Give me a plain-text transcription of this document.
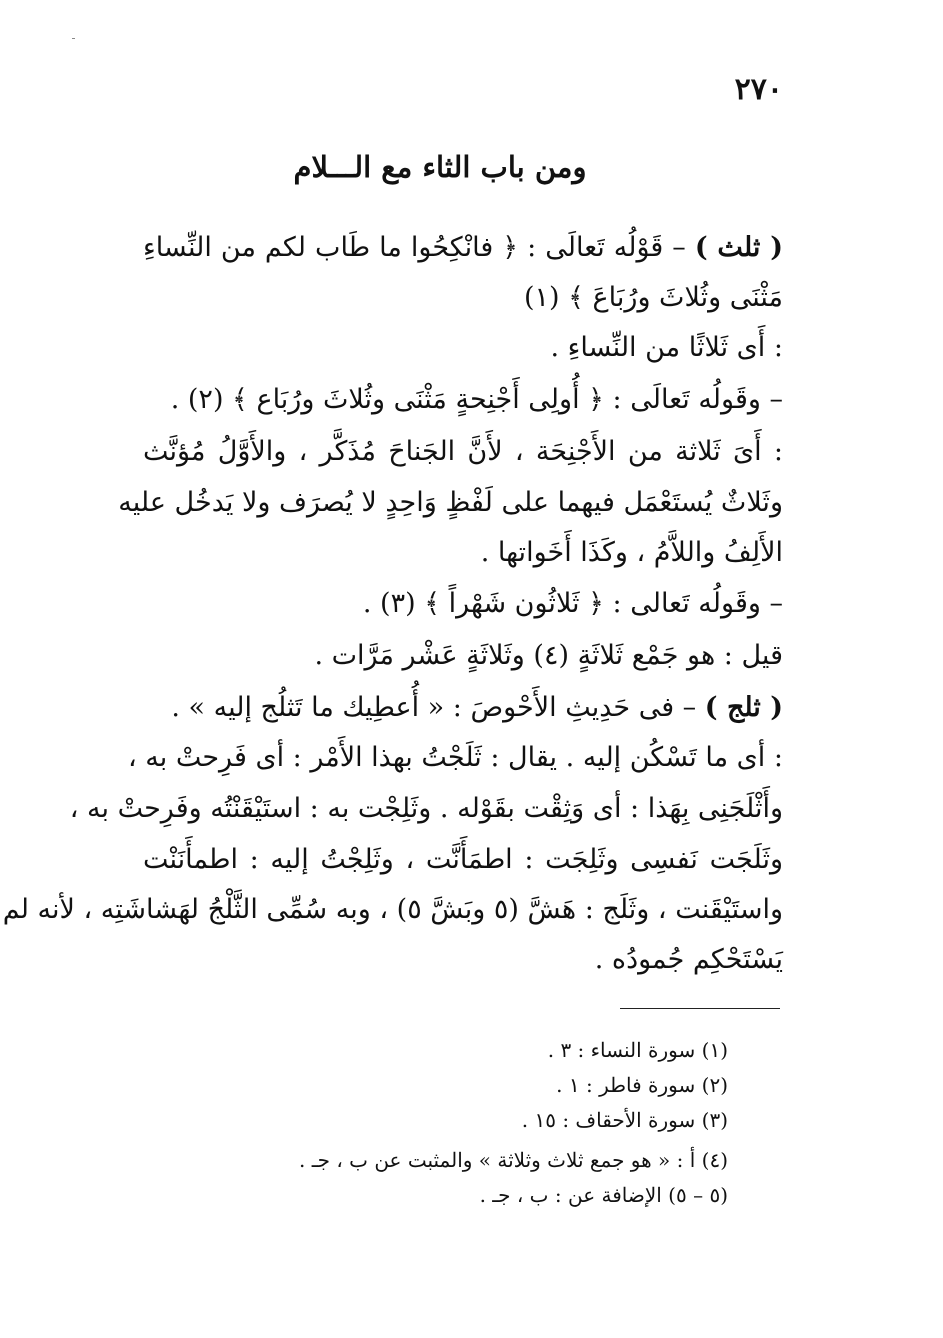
٢٧٠
ومن باب الثاء مع الـــلام
( ثلث ) – قَوْلُه تَعالَى : ﴿ فانْكِحُوا ما طَاب لكم من النِّساءِ
مَثْنَى وثُلاثَ ورُبَاعَ ﴾ (١)
: أَى ثَلاثًا من النِّساءِ .
– وقَولُه تَعالَى : ﴿ أُولِى أَجْنِحةٍ مَثْنَى وثُلاثَ ورُبَاع ﴾ (٢) .
: أَىَ ثَلاثة من الأَجْنِحَة ، لأَنَّ الجَناحَ مُذَكَّر ، والأَوَّلُ مُؤنَّث
وثَلاثٌ يُستَعْمَل فيهما على لَفْظٍ وَاحِدٍ لا يُصرَف ولا يَدخُل عليه
الأَلِفُ واللاَّمُ ، وكَذَا أَخَواتها .
– وقَولُه تَعالى : ﴿ ثَلاثُون شَهْراً ﴾ (٣) .
قيل : هو جَمْع ثَلاثَةٍ (٤) وثَلاثَةٍ عَشْر مَرَّات .
( ثلج ) – فى حَدِيثِ الأَحْوصَ : « أُعطِيك ما تَثلُج إليه » .
: أى ما تَسْكُن إليه . يقال : ثَلَجْتُ بهذا الأَمْر : أى فَرِحتْ به ،
وأَثْلَجَنِى بِهَذا : أى وَثِقْت بقَوْله . وثَلِجْت به : استَيْقَنْتُه وفَرِحتْ به ،
وثَلَجَت نَفسِى وثَلِجَت : اطمَأَنَّت ، وثَلِجْتُ إليه : اطمأَنَنْت
واستَيْقَنت ، وثَلَج : هَشَّ (٥ وبَشَّ ٥) ، وبه سُمِّى الثَّلْجُ لهَشاشَتِه ، لأنه لم
يَسْتَحْكِم جُمودُه .
(١) سورة النساء : ٣ .
(٢) سورة فاطر : ١ .
(٣) سورة الأحقاف : ١٥ .
(٤) أ : « هو جمع ثلاث وثلاثة » والمثبت عن ب ، جـ .
(٥ – ٥) الإضافة عن : ب ، جـ .
